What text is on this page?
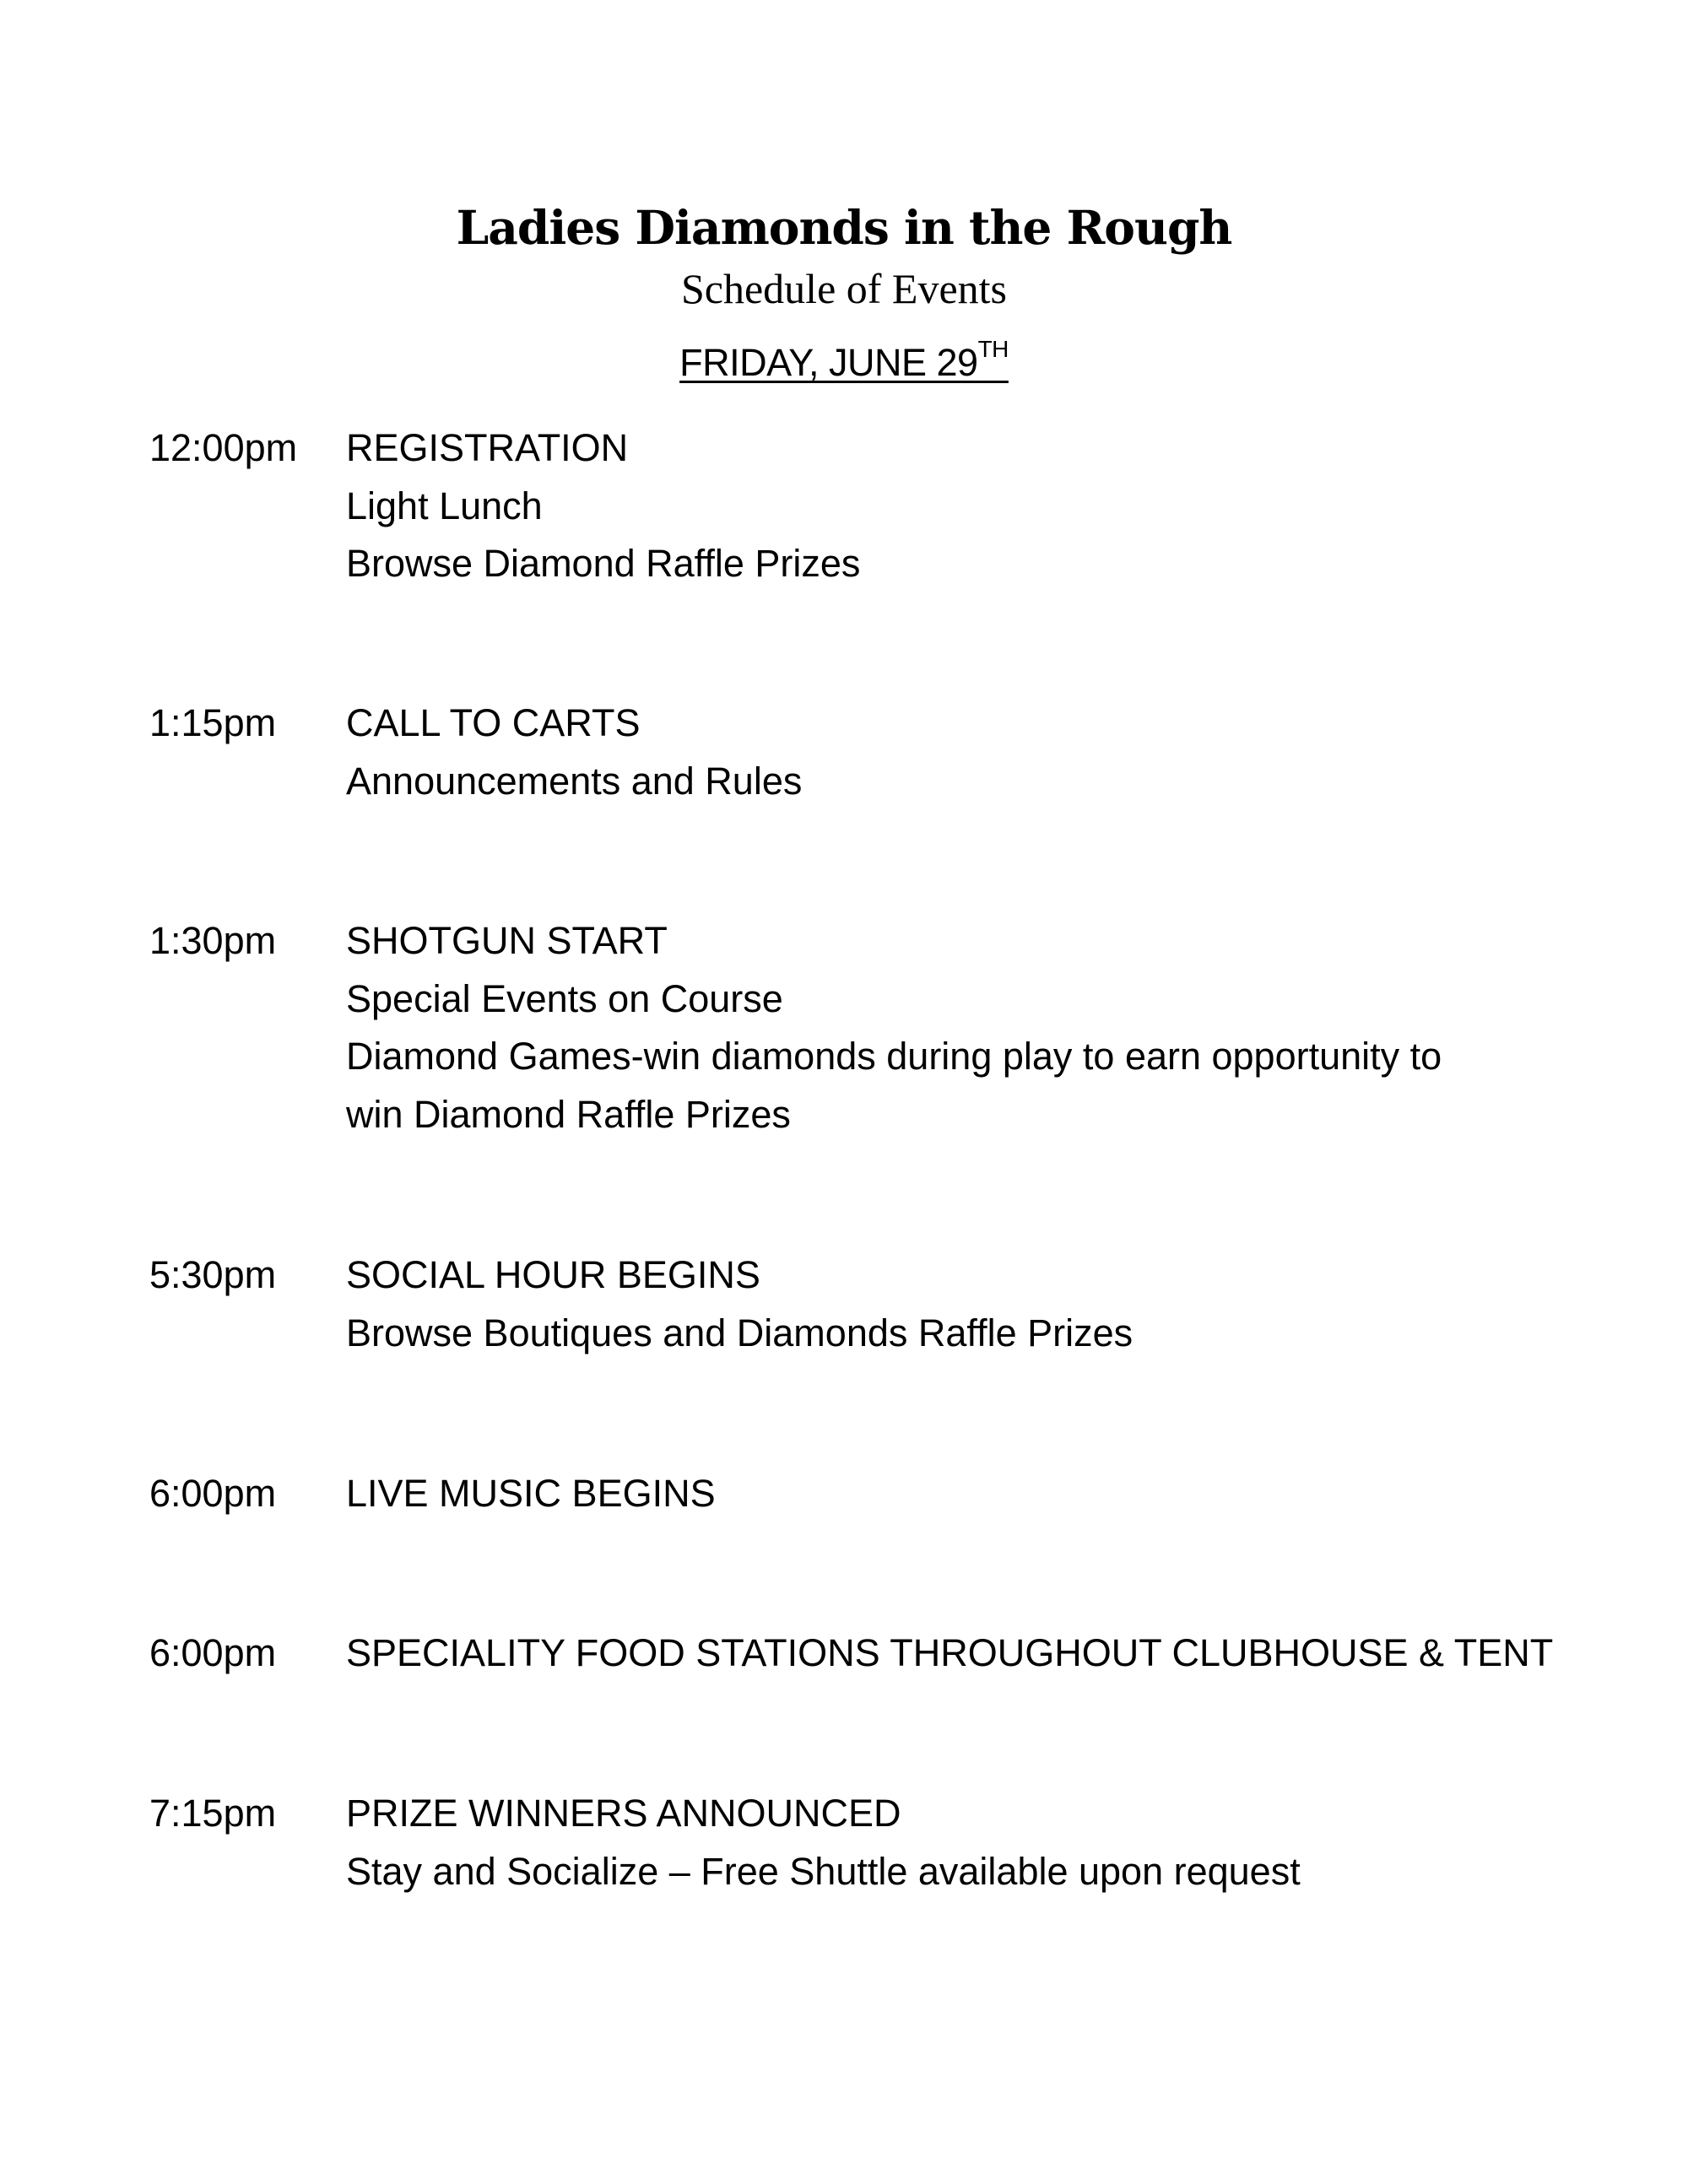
Ladies Diamonds in the Rough
Schedule of Events
FRIDAY, JUNE 29TH
12:00pm	REGISTRATION
Light Lunch
Browse Diamond Raffle Prizes
1:15pm	CALL TO CARTS
Announcements and Rules
1:30pm	SHOTGUN START
Special Events on Course
Diamond Games-win diamonds during play to earn opportunity to
win Diamond Raffle Prizes
5:30pm	SOCIAL HOUR BEGINS
Browse Boutiques and Diamonds Raffle Prizes
6:00pm	LIVE MUSIC BEGINS
6:00pm	SPECIALITY FOOD STATIONS THROUGHOUT CLUBHOUSE & TENT
7:15pm	PRIZE WINNERS ANNOUNCED
Stay and Socialize – Free Shuttle available upon request
